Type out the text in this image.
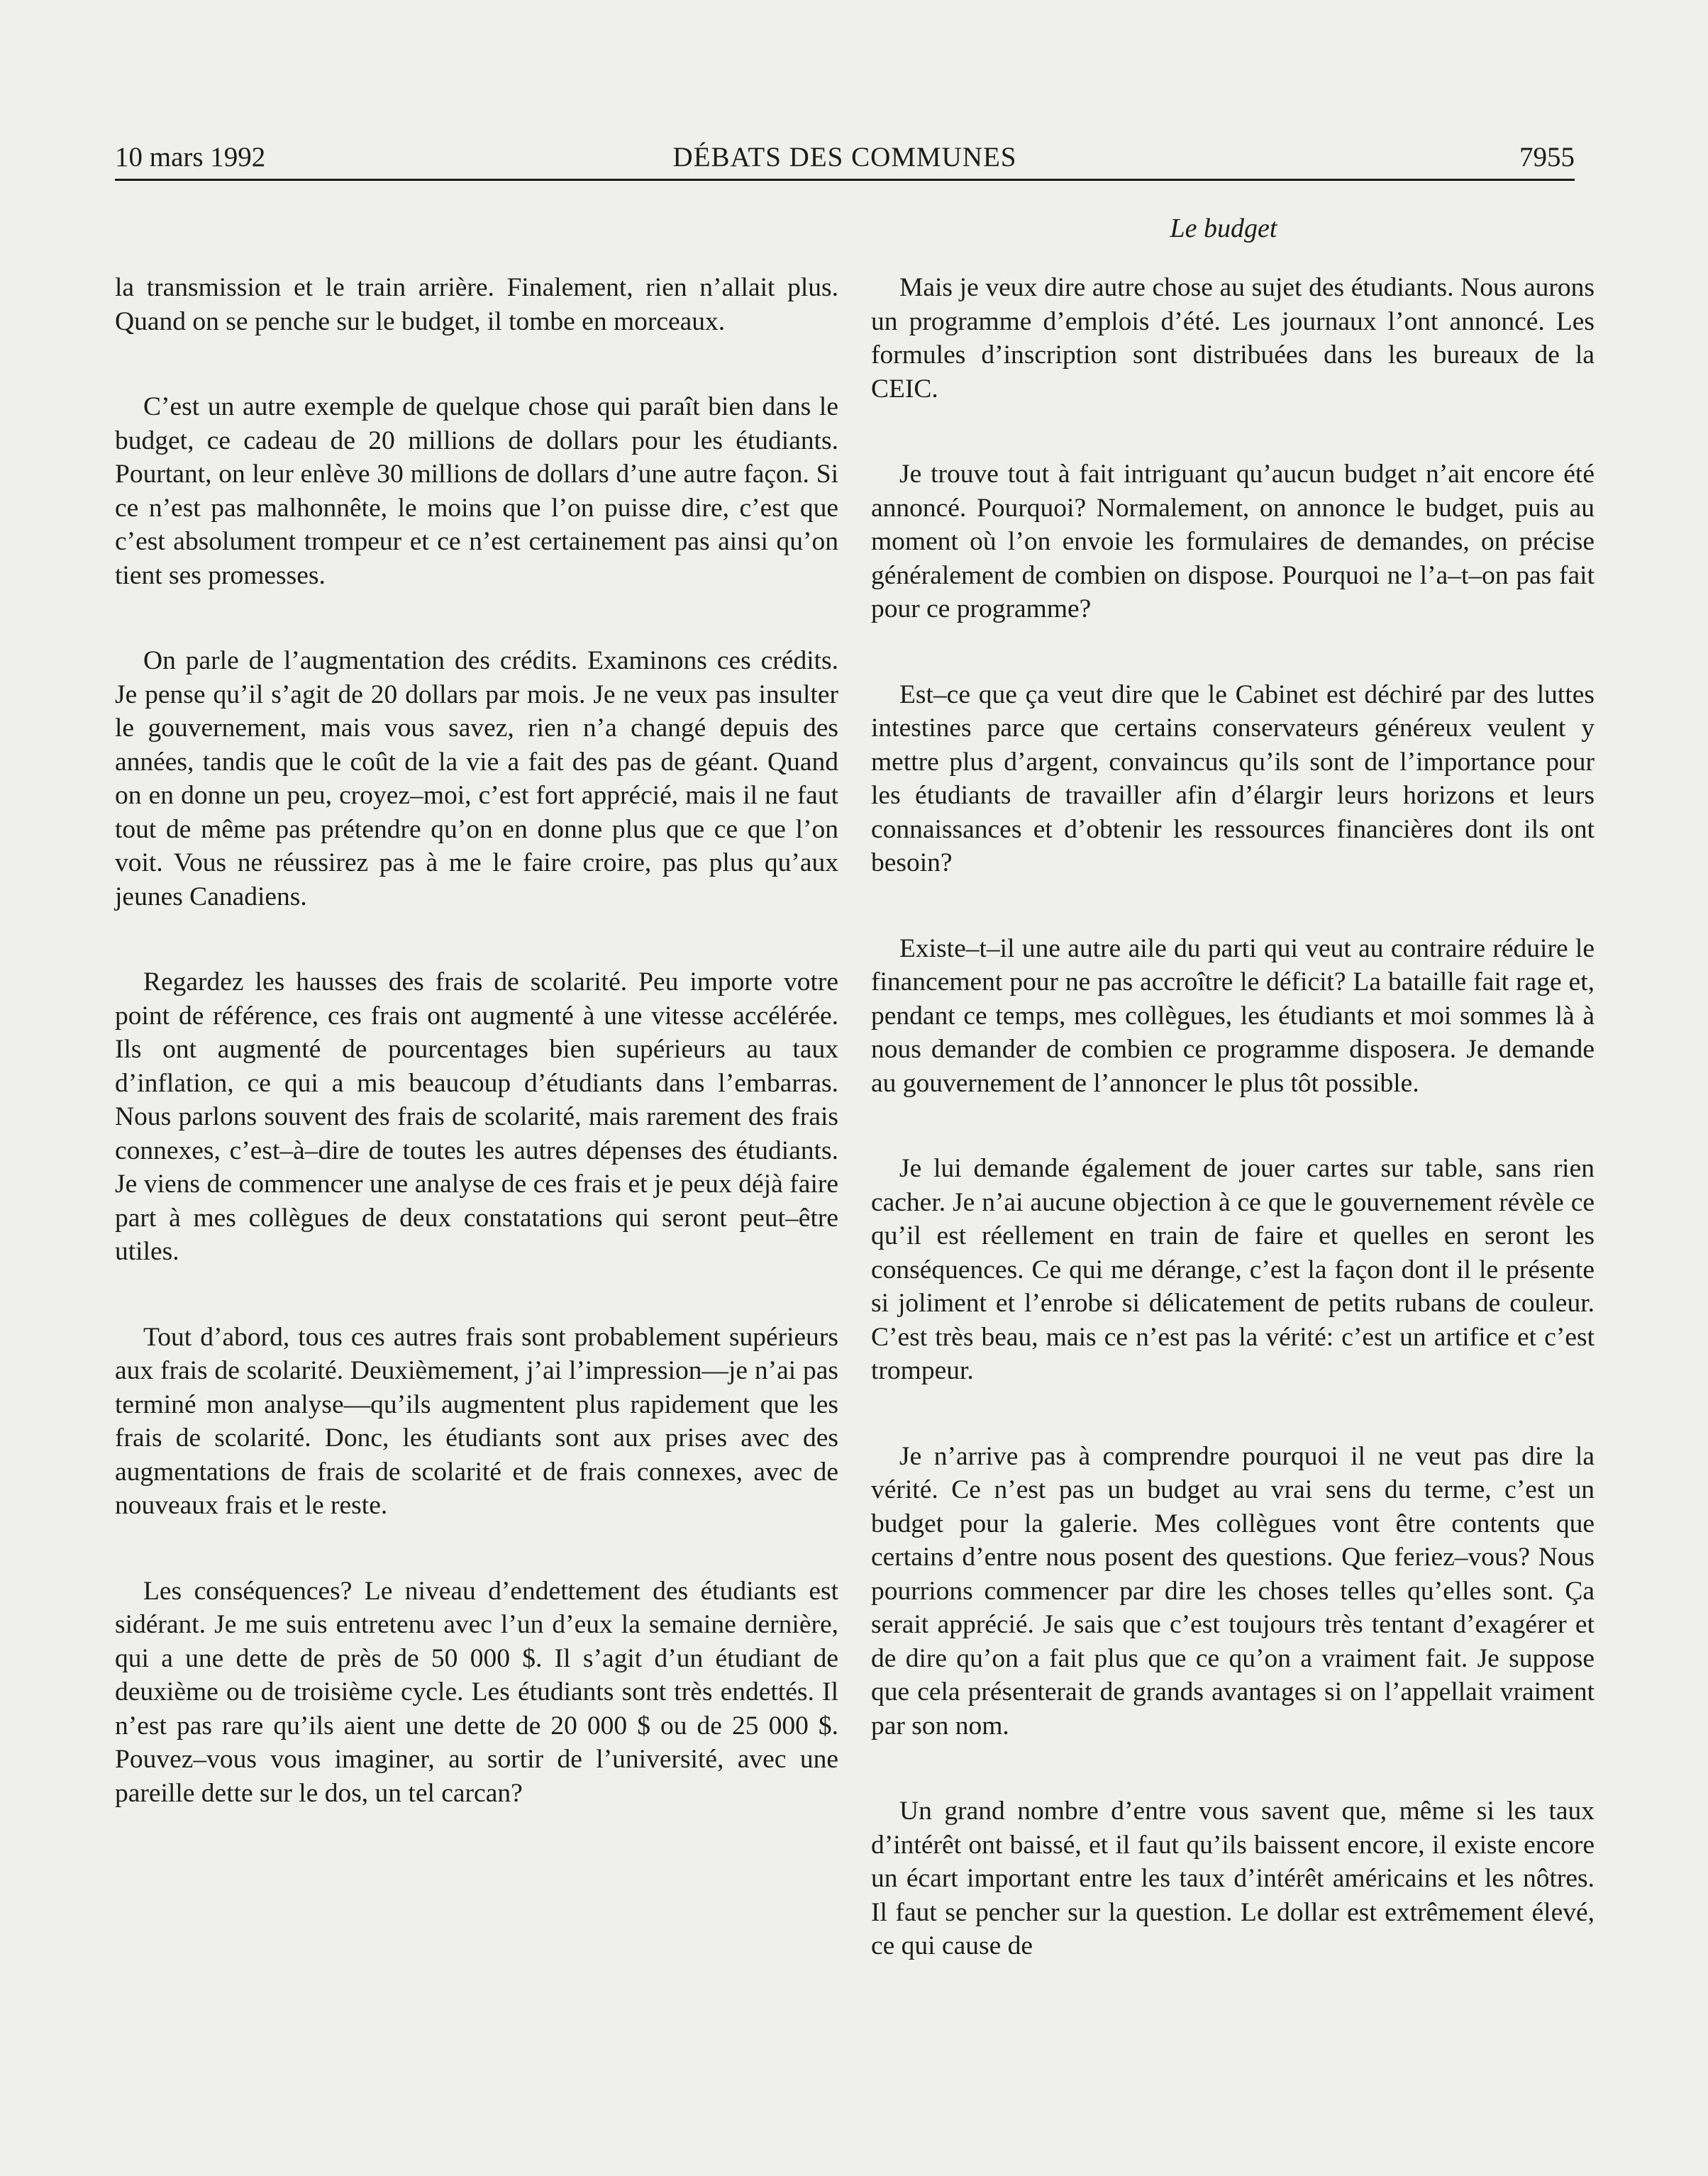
10 mars 1992	DÉBATS DES COMMUNES	7955
Le budget

la transmission et le train arrière. Finalement, rien n’allait plus. Quand on se penche sur le budget, il tombe en morceaux.

C’est un autre exemple de quelque chose qui paraît bien dans le budget, ce cadeau de 20 millions de dollars pour les étudiants. Pourtant, on leur enlève 30 millions de dollars d’une autre façon. Si ce n’est pas malhonnête, le moins que l’on puisse dire, c’est que c’est absolument trompeur et ce n’est certainement pas ainsi qu’on tient ses promesses.

On parle de l’augmentation des crédits. Examinons ces crédits. Je pense qu’il s’agit de 20 dollars par mois. Je ne veux pas insulter le gouvernement, mais vous savez, rien n’a changé depuis des années, tandis que le coût de la vie a fait des pas de géant. Quand on en donne un peu, croyez–moi, c’est fort apprécié, mais il ne faut tout de même pas prétendre qu’on en donne plus que ce que l’on voit. Vous ne réussirez pas à me le faire croire, pas plus qu’aux jeunes Canadiens.

Regardez les hausses des frais de scolarité. Peu importe votre point de référence, ces frais ont augmenté à une vitesse accélérée. Ils ont augmenté de pourcentages bien supérieurs au taux d’inflation, ce qui a mis beaucoup d’étudiants dans l’embarras. Nous parlons souvent des frais de scolarité, mais rarement des frais connexes, c’est–à–dire de toutes les autres dépenses des étudiants. Je viens de commencer une analyse de ces frais et je peux déjà faire part à mes collègues de deux constatations qui seront peut–être utiles.

Tout d’abord, tous ces autres frais sont probablement supérieurs aux frais de scolarité. Deuxièmement, j’ai l’impression—je n’ai pas terminé mon analyse—qu’ils augmentent plus rapidement que les frais de scolarité. Donc, les étudiants sont aux prises avec des augmentations de frais de scolarité et de frais connexes, avec de nouveaux frais et le reste.

Les conséquences? Le niveau d’endettement des étudiants est sidérant. Je me suis entretenu avec l’un d’eux la semaine dernière, qui a une dette de près de 50 000 $. Il s’agit d’un étudiant de deuxième ou de troisième cycle. Les étudiants sont très endettés. Il n’est pas rare qu’ils aient une dette de 20 000 $ ou de 25 000 $. Pouvez–vous vous imaginer, au sortir de l’université, avec une pareille dette sur le dos, un tel carcan?

Mais je veux dire autre chose au sujet des étudiants. Nous aurons un programme d’emplois d’été. Les journaux l’ont annoncé. Les formules d’inscription sont distribuées dans les bureaux de la CEIC.

Je trouve tout à fait intriguant qu’aucun budget n’ait encore été annoncé. Pourquoi? Normalement, on annonce le budget, puis au moment où l’on envoie les formulaires de demandes, on précise généralement de combien on dispose. Pourquoi ne l’a–t–on pas fait pour ce programme?

Est–ce que ça veut dire que le Cabinet est déchiré par des luttes intestines parce que certains conservateurs généreux veulent y mettre plus d’argent, convaincus qu’ils sont de l’importance pour les étudiants de travailler afin d’élargir leurs horizons et leurs connaissances et d’obtenir les ressources financières dont ils ont besoin?

Existe–t–il une autre aile du parti qui veut au contraire réduire le financement pour ne pas accroître le déficit? La bataille fait rage et, pendant ce temps, mes collègues, les étudiants et moi sommes là à nous demander de combien ce programme disposera. Je demande au gouvernement de l’annoncer le plus tôt possible.

Je lui demande également de jouer cartes sur table, sans rien cacher. Je n’ai aucune objection à ce que le gouvernement révèle ce qu’il est réellement en train de faire et quelles en seront les conséquences. Ce qui me dérange, c’est la façon dont il le présente si joliment et l’enrobe si délicatement de petits rubans de couleur. C’est très beau, mais ce n’est pas la vérité: c’est un artifice et c’est trompeur.

Je n’arrive pas à comprendre pourquoi il ne veut pas dire la vérité. Ce n’est pas un budget au vrai sens du terme, c’est un budget pour la galerie. Mes collègues vont être contents que certains d’entre nous posent des questions. Que feriez–vous? Nous pourrions commencer par dire les choses telles qu’elles sont. Ça serait apprécié. Je sais que c’est toujours très tentant d’exagérer et de dire qu’on a fait plus que ce qu’on a vraiment fait. Je suppose que cela présenterait de grands avantages si on l’appellait vraiment par son nom.

Un grand nombre d’entre vous savent que, même si les taux d’intérêt ont baissé, et il faut qu’ils baissent encore, il existe encore un écart important entre les taux d’intérêt américains et les nôtres. Il faut se pencher sur la question. Le dollar est extrêmement élevé, ce qui cause de
